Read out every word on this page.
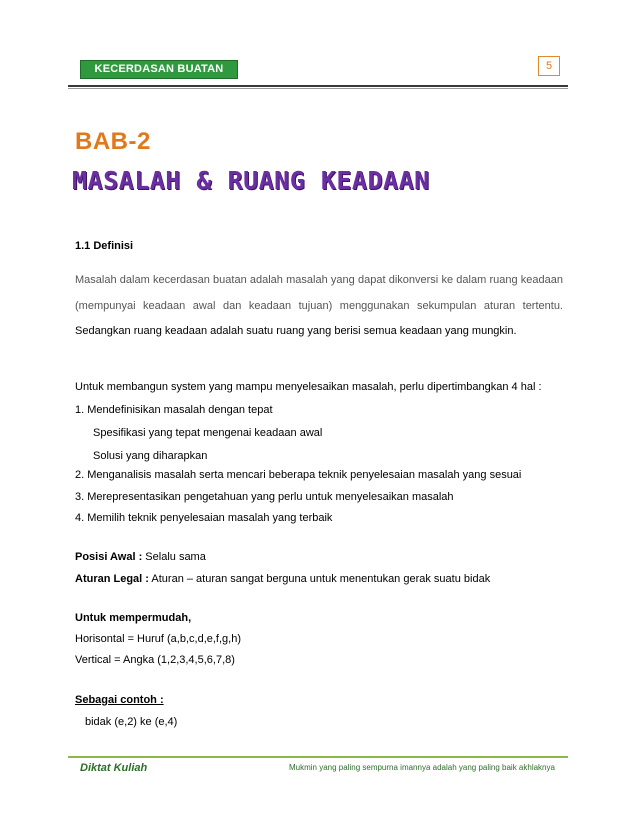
KECERDASAN BUATAN	5
BAB-2
MASALAH & RUANG KEADAAN
1.1 Definisi
Masalah dalam kecerdasan buatan adalah masalah yang dapat dikonversi ke dalam ruang keadaan (mempunyai keadaan awal dan keadaan tujuan) menggunakan sekumpulan aturan tertentu. Sedangkan ruang keadaan adalah suatu ruang yang berisi semua keadaan yang mungkin.
Untuk membangun system yang mampu menyelesaikan masalah, perlu dipertimbangkan 4 hal :
1. Mendefinisikan masalah dengan tepat
Spesifikasi yang tepat mengenai keadaan awal
Solusi yang diharapkan
2. Menganalisis masalah serta mencari beberapa teknik penyelesaian masalah yang sesuai
3. Merepresentasikan pengetahuan yang perlu untuk menyelesaikan masalah
4. Memilih teknik penyelesaian masalah yang terbaik
Posisi Awal : Selalu sama
Aturan Legal : Aturan – aturan sangat berguna untuk menentukan gerak suatu bidak
Untuk mempermudah,
Horisontal = Huruf (a,b,c,d,e,f,g,h)
Vertical = Angka (1,2,3,4,5,6,7,8)
Sebagai contoh :
bidak (e,2) ke (e,4)
Diktat Kuliah	Mukmin yang paling sempurna imannya adalah yang paling baik akhlaknya
